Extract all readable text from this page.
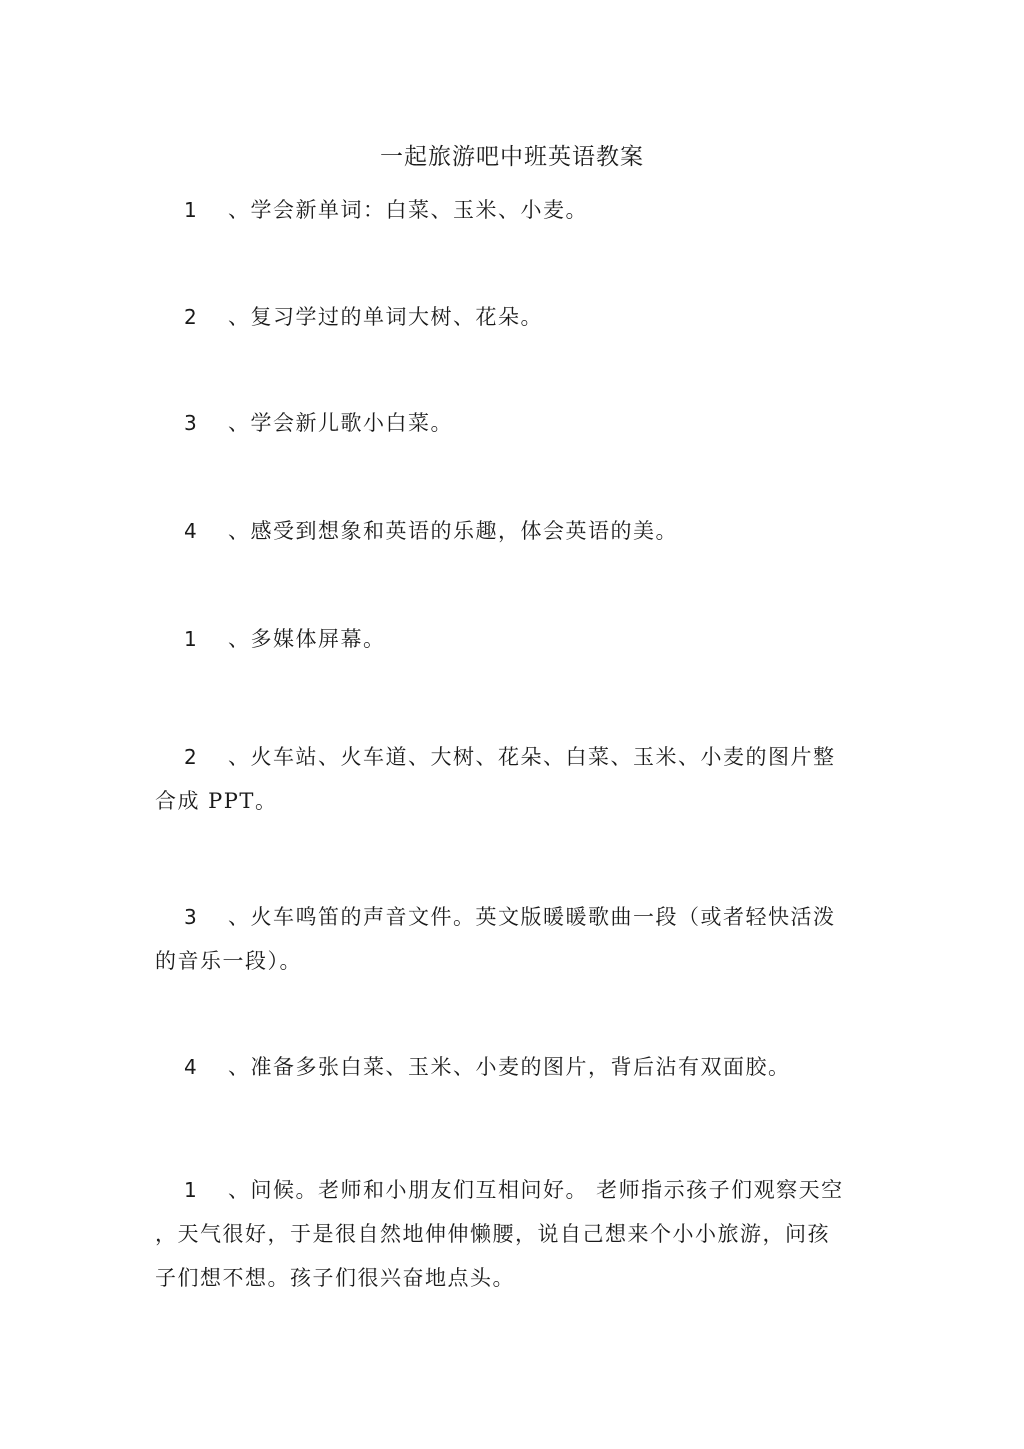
一起旅游吧中班英语教案
1 、学会新单词：白菜、玉米、小麦。
2 、复习学过的单词大树、花朵。
3 、学会新儿歌小白菜。
4 、感受到想象和英语的乐趣，体会英语的美。
1 、多媒体屏幕。
2 、火车站、火车道、大树、花朵、白菜、玉米、小麦的图片整
合成 PPT。
3 、火车鸣笛的声音文件。英文版暖暖歌曲一段（或者轻快活泼
的音乐一段）。
4 、准备多张白菜、玉米、小麦的图片，背后沾有双面胶。
1 、问候。老师和小朋友们互相问好。 老师指示孩子们观察天空
，天气很好，于是很自然地伸伸懒腰，说自己想来个小小旅游，问孩
子们想不想。孩子们很兴奋地点头。
